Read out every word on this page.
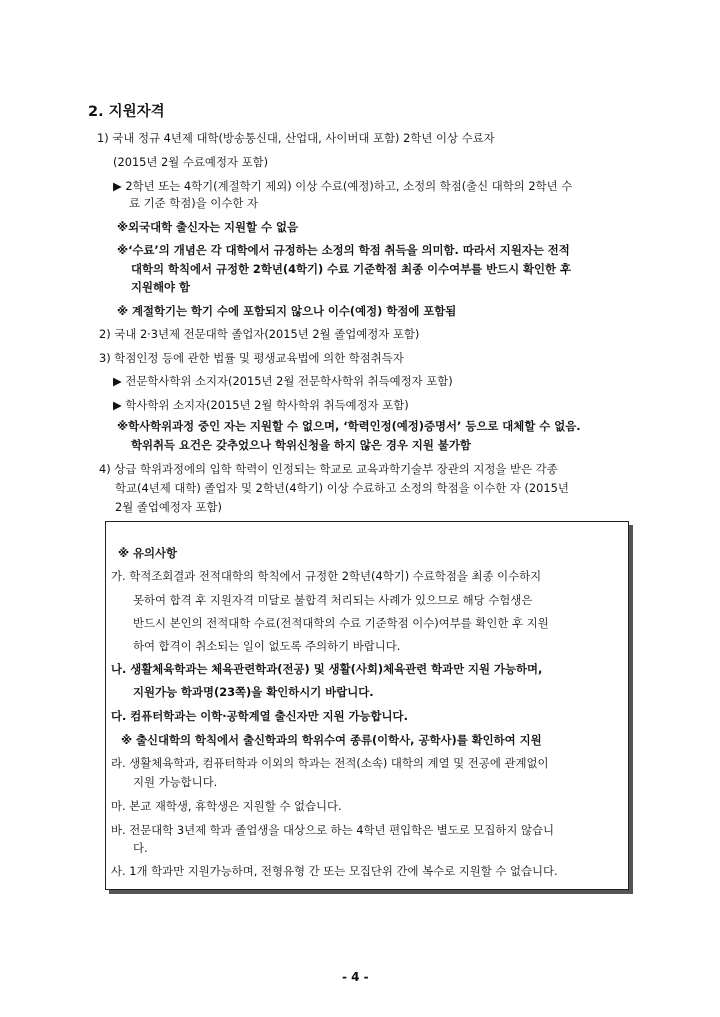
2. 지원자격
1) 국내 정규 4년제 대학(방송통신대, 산업대, 사이버대 포함) 2학년 이상 수료자
(2015년 2월 수료예정자 포함)
▶ 2학년 또는 4학기(계절학기 제외) 이상 수료(예정)하고, 소정의 학점(출신 대학의 2학년 수
료 기준 학점)을 이수한 자
※외국대학 출신자는 지원할 수 없음
※‘수료’의 개념은 각 대학에서 규정하는 소정의 학점 취득을 의미함. 따라서 지원자는 전적
대학의 학칙에서 규정한 2학년(4학기) 수료 기준학점 최종 이수여부를 반드시 확인한 후
지원해야 함
※ 계절학기는 학기 수에 포함되지 않으나 이수(예정) 학점에 포함됨
2) 국내 2·3년제 전문대학 졸업자(2015년 2월 졸업예정자 포함)
3) 학점인정 등에 관한 법률 및 평생교육법에 의한 학점취득자
▶ 전문학사학위 소지자(2015년 2월 전문학사학위 취득예정자 포함)
▶ 학사학위 소지자(2015년 2월 학사학위 취득예정자 포함)
※학사학위과정 중인 자는 지원할 수 없으며, ‘학력인정(예정)증명서’ 등으로 대체할 수 없음.
학위취득 요건은 갖추었으나 학위신청을 하지 않은 경우 지원 불가함
4) 상급 학위과정에의 입학 학력이 인정되는 학교로 교육과학기술부 장관의 지정을 받은 각종
학교(4년제 대학) 졸업자 및 2학년(4학기) 이상 수료하고 소정의 학점을 이수한 자 (2015년
2월 졸업예정자 포함)
※ 유의사항
가. 학적조회결과 전적대학의 학칙에서 규정한 2학년(4학기) 수료학점을 최종 이수하지
못하여 합격 후 지원자격 미달로 불합격 처리되는 사례가 있으므로 해당 수험생은
반드시 본인의 전적대학 수료(전적대학의 수료 기준학점 이수)여부를 확인한 후 지원
하여 합격이 취소되는 일이 없도록 주의하기 바랍니다.
나. 생활체육학과는 체육관련학과(전공) 및 생활(사회)체육관련 학과만 지원 가능하며,
지원가능 학과명(23쪽)을 확인하시기 바랍니다.
다. 컴퓨터학과는 이학·공학계열 출신자만 지원 가능합니다.
※ 출신대학의 학칙에서 출신학과의 학위수여 종류(이학사, 공학사)를 확인하여 지원
라. 생활체육학과, 컴퓨터학과 이외의 학과는 전적(소속) 대학의 계열 및 전공에 관계없이
지원 가능합니다.
마. 본교 재학생, 휴학생은 지원할 수 없습니다.
바. 전문대학 3년제 학과 졸업생을 대상으로 하는 4학년 편입학은 별도로 모집하지 않습니
다.
사. 1개 학과만 지원가능하며, 전형유형 간 또는 모집단위 간에 복수로 지원할 수 없습니다.
- 4 -
